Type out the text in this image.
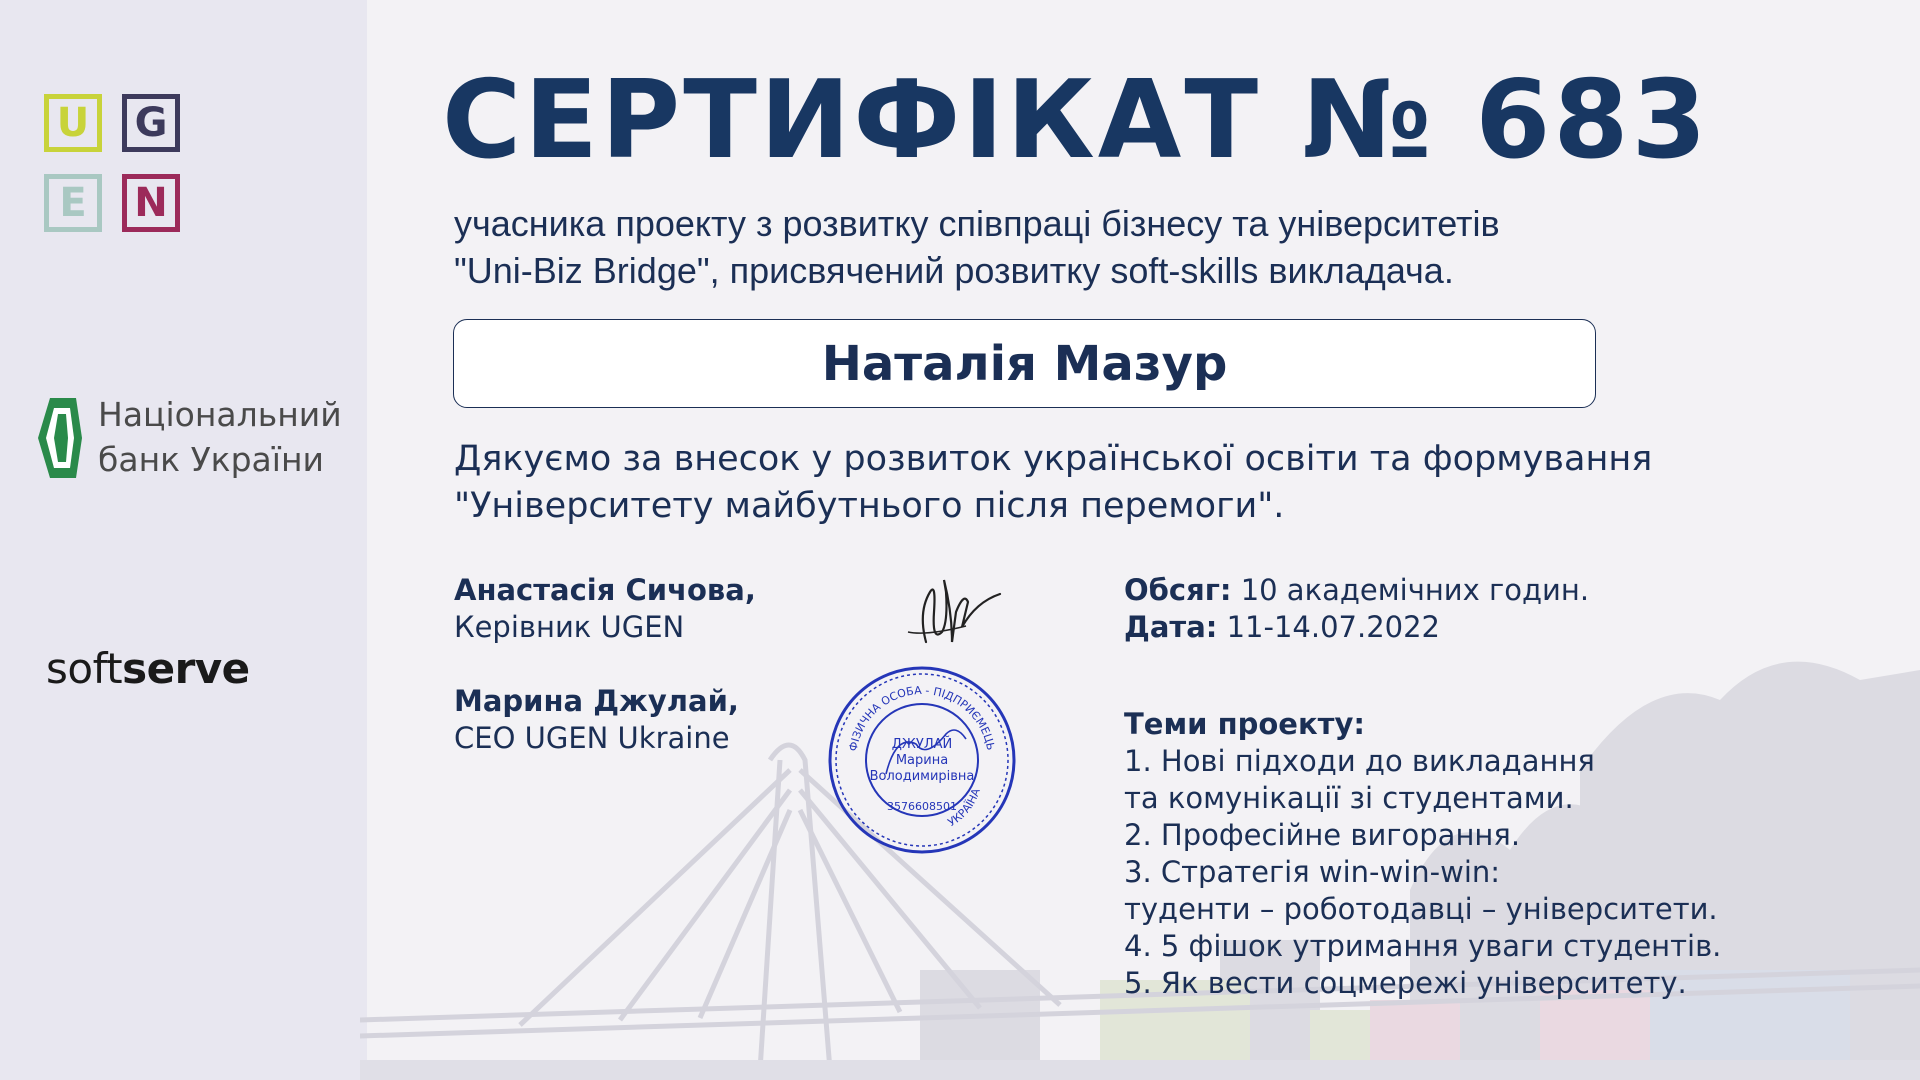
U	G
E	N
Національний
банк України
softserve
СЕРТИФІКАТ № 683
учасника проекту з розвитку співпраці бізнесу та університетів
"Uni-Biz Bridge", присвячений розвитку soft-skills викладача.
Наталія Мазур
Дякуємо за внесок у розвиток української освіти та формування
"Університету майбутнього після перемоги".
Анастасія Сичова,
Керівник UGEN
Марина Джулай,
CEO UGEN Ukraine	ФІЗИЧНА ОСОБА - ПІДПРИЄМЕЦЬ
УКРАЇНА
ДЖУЛАЙ
Марина
Володимирівна
3576608501
Обсяг: 10 академічних годин.
Дата: 11-14.07.2022
Теми проекту:
1. Нові підходи до викладання
та комунікації зі студентами.
2. Професійне вигорання.
3. Стратегія win-win-win:
туденти – роботодавці – університети.
4. 5 фішок утримання уваги студентів.
5. Як вести соцмережі університету.
